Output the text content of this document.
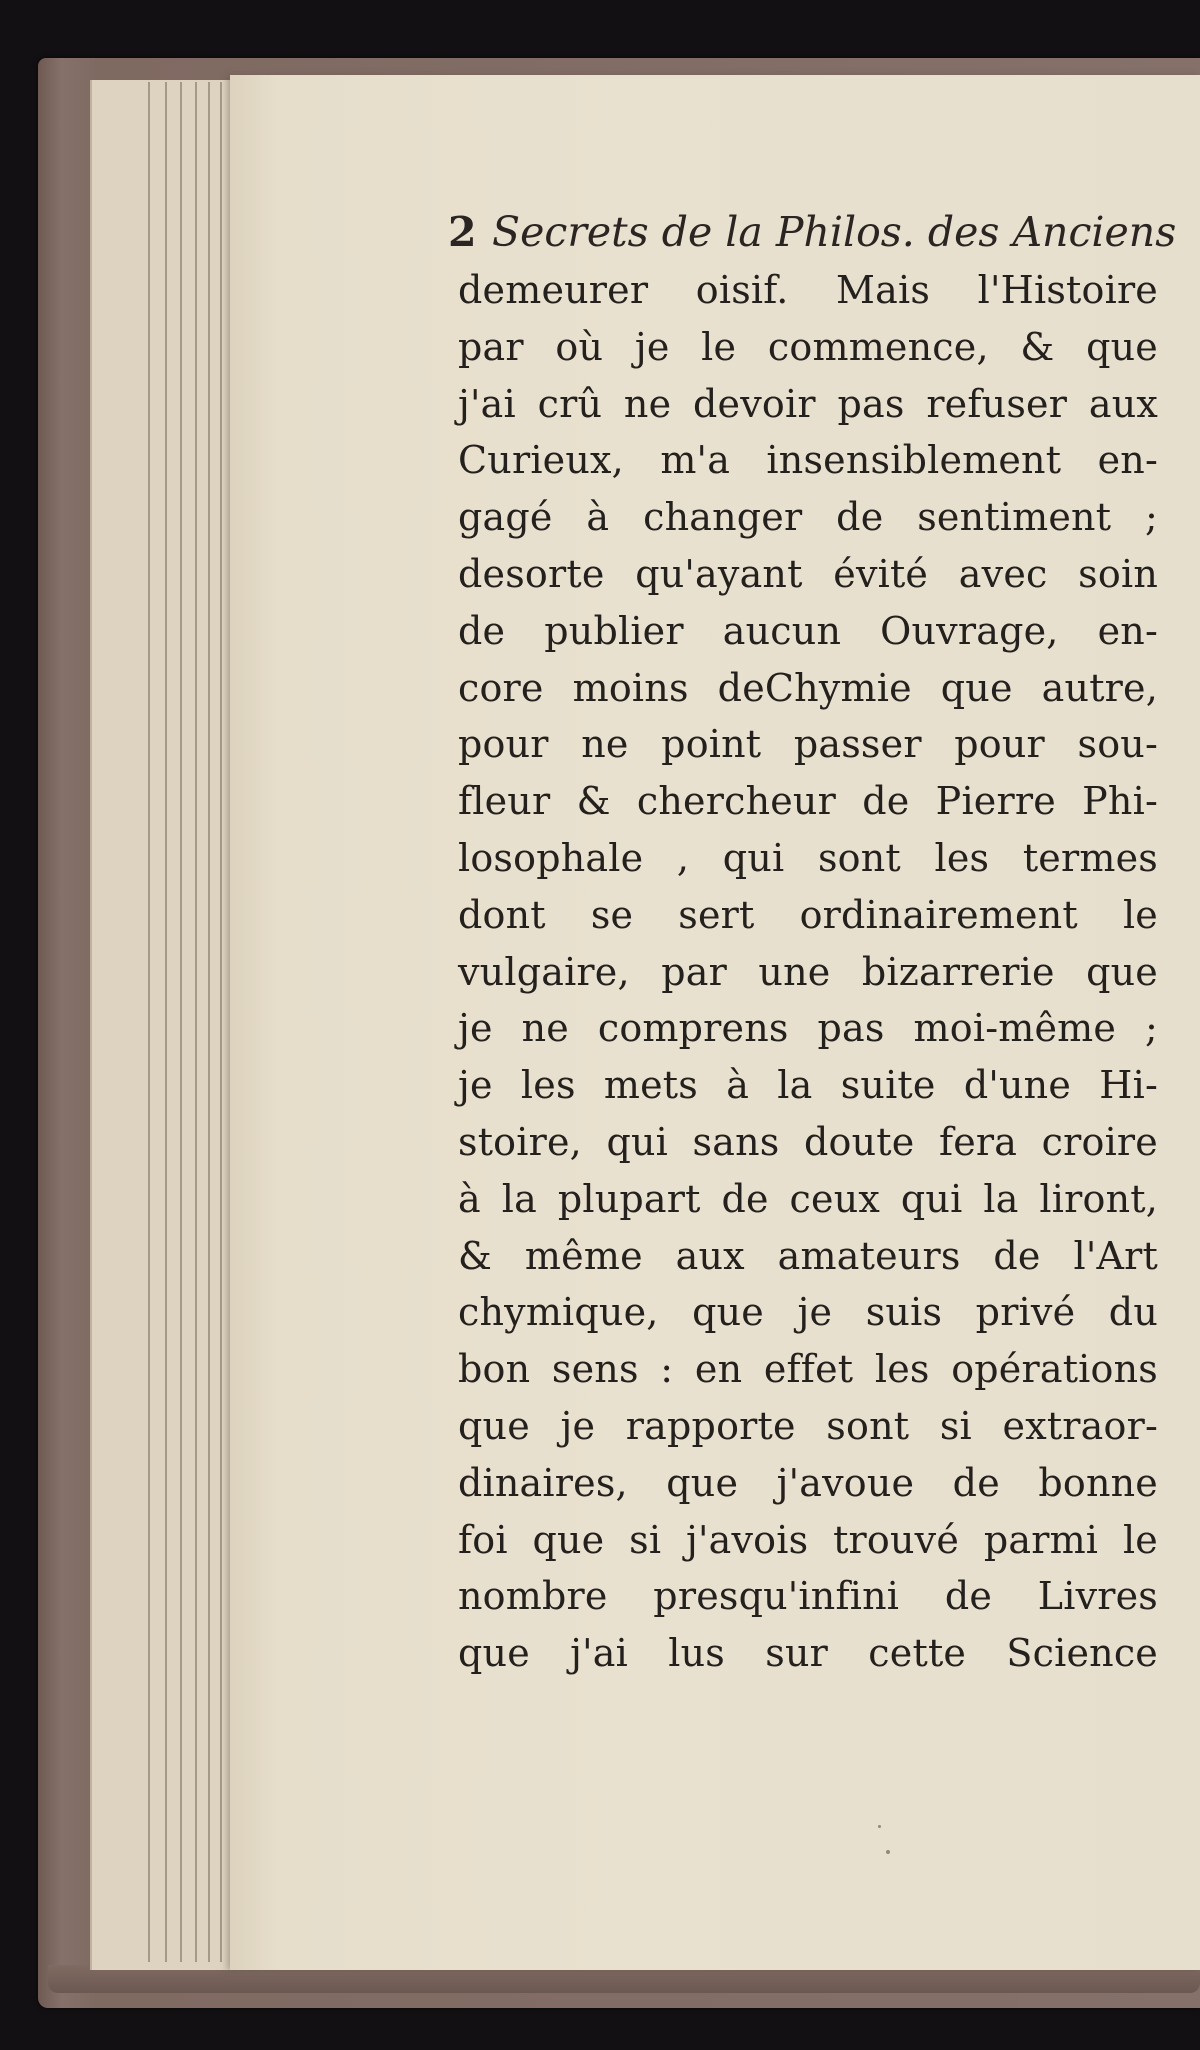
2 Secrets de la Philos. des Anciens
demeurer oisif. Mais l'Histoire
par où je le commence, & que
j'ai crû ne devoir pas refuser aux
Curieux, m'a insensiblement en-
gagé à changer de sentiment ;
desorte qu'ayant évité avec soin
de publier aucun Ouvrage, en-
core moins deChymie que autre,
pour ne point passer pour sou-
fleur & chercheur de Pierre Phi-
losophale , qui sont les termes
dont se sert ordinairement le
vulgaire, par une bizarrerie que
je ne comprens pas moi-même ;
je les mets à la suite d'une Hi-
stoire, qui sans doute fera croire
à la plupart de ceux qui la liront,
& même aux amateurs de l'Art
chymique, que je suis privé du
bon sens : en effet les opérations
que je rapporte sont si extraor-
dinaires, que j'avoue de bonne
foi que si j'avois trouvé parmi le
nombre presqu'infini de Livres
que j'ai lus sur cette Science
